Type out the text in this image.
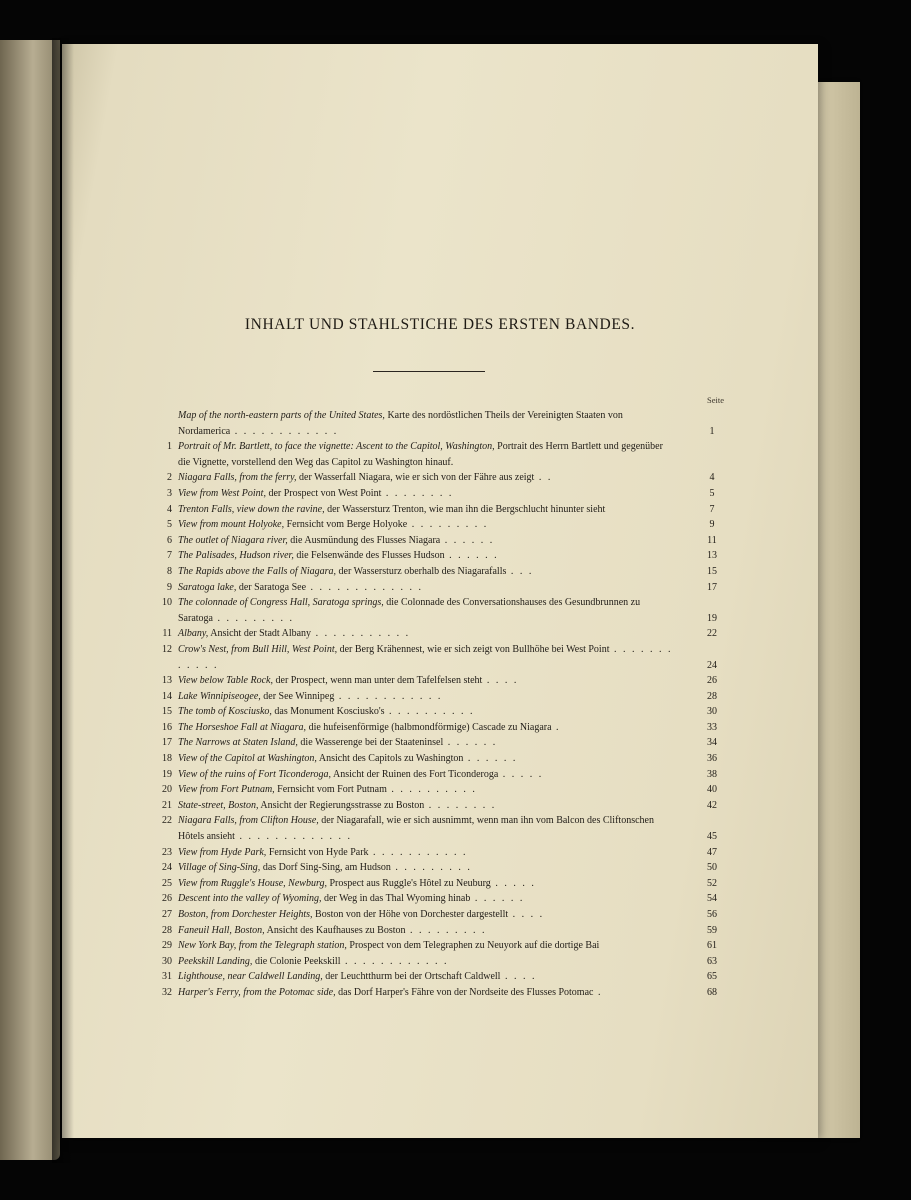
INHALT UND STAHLSTICHE DES ERSTEN BANDES.
Seite
Map of the north-eastern parts of the United States, Karte des nordöstlichen Theils der Vereinigten Staaten von Nordamerica . . . . . . . . . . . .	1
1 Portrait of Mr. Bartlett, to face the vignette: Ascent to the Capitol, Washington, Portrait des Herrn Bartlett und gegenüber die Vignette, vorstellend den Weg das Capitol zu Washington hinauf.
2 Niagara Falls, from the ferry, der Wasserfall Niagara, wie er sich von der Fähre aus zeigt . .	4
3 View from West Point, der Prospect von West Point . . . . . . . .	5
4 Trenton Falls, view down the ravine, der Wassersturz Trenton, wie man ihn die Bergschlucht hinunter sieht	7
5 View from mount Holyoke, Fernsicht vom Berge Holyoke . . . . . . . . .	9
6 The outlet of Niagara river, die Ausmündung des Flusses Niagara . . . . . .	11
7 The Palisades, Hudson river, die Felsenwände des Flusses Hudson . . . . . .	13
8 The Rapids above the Falls of Niagara, der Wassersturz oberhalb des Niagarafalls . . .	15
9 Saratoga lake, der Saratoga See . . . . . . . . . . . . .	17
10 The colonnade of Congress Hall, Saratoga springs, die Colonnade des Conversationshauses des Gesundbrunnen zu Saratoga . . . . . . . . .	19
11 Albany, Ansicht der Stadt Albany . . . . . . . . . . .	22
12 Crow's Nest, from Bull Hill, West Point, der Berg Krähennest, wie er sich zeigt von Bullhöhe bei West Point . . . . . . . . . . . .	24
13 View below Table Rock, der Prospect, wenn man unter dem Tafelfelsen steht . . . .	26
14 Lake Winnipiseogee, der See Winnipeg . . . . . . . . . . . .	28
15 The tomb of Kosciusko, das Monument Kosciusko's . . . . . . . . . .	30
16 The Horseshoe Fall at Niagara, die hufeisenförmige (halbmondförmige) Cascade zu Niagara .	33
17 The Narrows at Staten Island, die Wasserenge bei der Staateninsel . . . . . .	34
18 View of the Capitol at Washington, Ansicht des Capitols zu Washington . . . . . .	36
19 View of the ruins of Fort Ticonderoga, Ansicht der Ruinen des Fort Ticonderoga . . . . .	38
20 View from Fort Putnam, Fernsicht vom Fort Putnam . . . . . . . . . .	40
21 State-street, Boston, Ansicht der Regierungsstrasse zu Boston . . . . . . . .	42
22 Niagara Falls, from Clifton House, der Niagarafall, wie er sich ausnimmt, wenn man ihn vom Balcon des Cliftonschen Hôtels ansieht . . . . . . . . . . . . .	45
23 View from Hyde Park, Fernsicht von Hyde Park . . . . . . . . . . .	47
24 Village of Sing-Sing, das Dorf Sing-Sing, am Hudson . . . . . . . . .	50
25 View from Ruggle's House, Newburg, Prospect aus Ruggle's Hôtel zu Neuburg . . . . .	52
26 Descent into the valley of Wyoming, der Weg in das Thal Wyoming hinab . . . . . .	54
27 Boston, from Dorchester Heights, Boston von der Höhe von Dorchester dargestellt . . . .	56
28 Faneuil Hall, Boston, Ansicht des Kaufhauses zu Boston . . . . . . . . .	59
29 New York Bay, from the Telegraph station, Prospect von dem Telegraphen zu Neuyork auf die dortige Bai	61
30 Peekskill Landing, die Colonie Peekskill . . . . . . . . . . . .	63
31 Lighthouse, near Caldwell Landing, der Leuchtthurm bei der Ortschaft Caldwell . . . .	65
32 Harper's Ferry, from the Potomac side, das Dorf Harper's Fähre von der Nordseite des Flusses Potomac .	68
